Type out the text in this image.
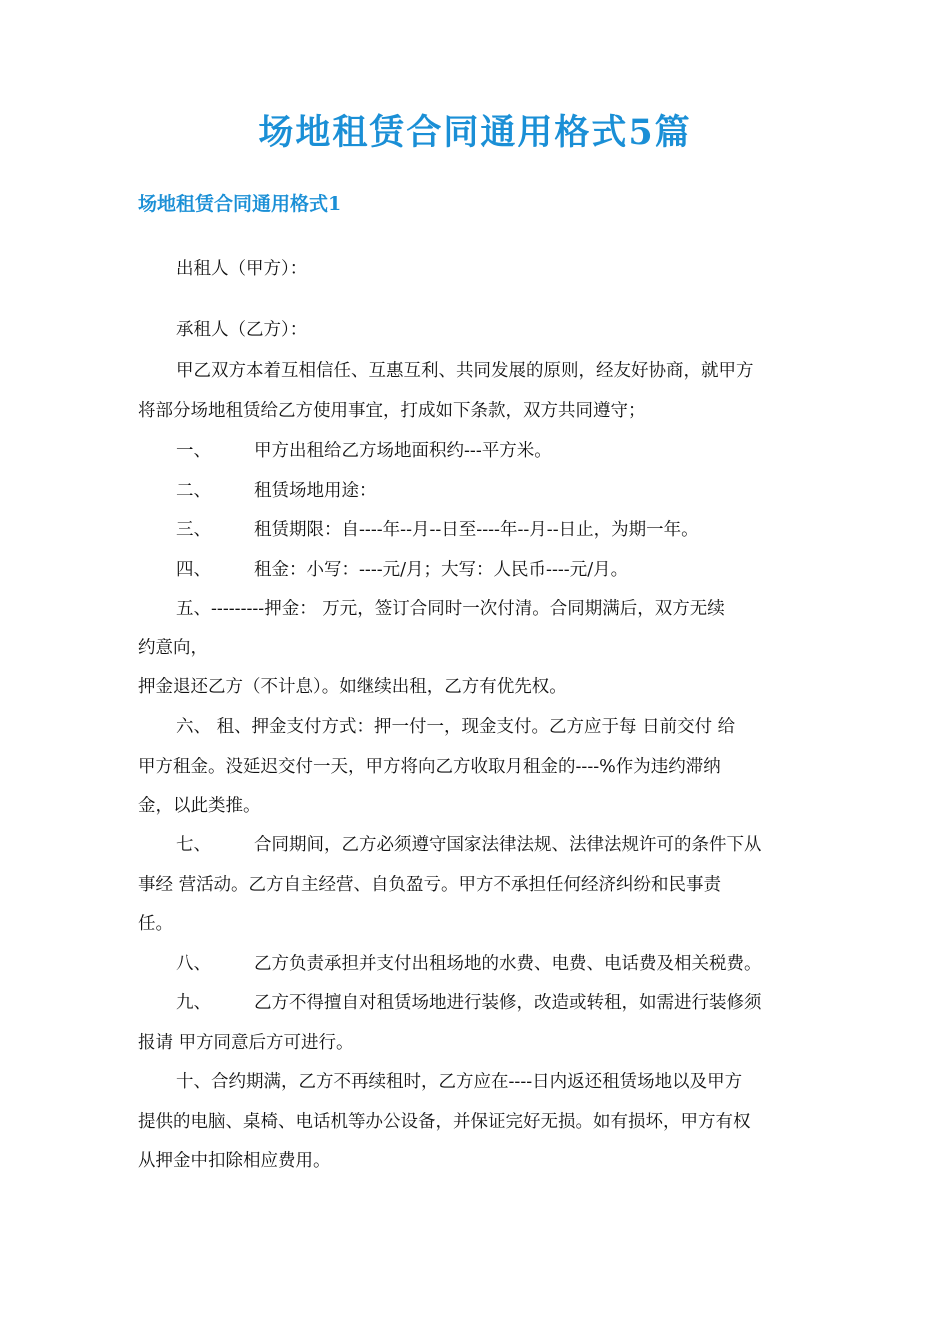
场地租赁合同通用格式5篇
场地租赁合同通用格式1
出租人（甲方）：
承租人（乙方）：
甲乙双方本着互相信任、互惠互利、共同发展的原则，经友好协商，就甲方
将部分场地租赁给乙方使用事宜，打成如下条款，双方共同遵守；
一、 甲方出租给乙方场地面积约---平方米。
二、 租赁场地用途：
三、 租赁期限：自----年--月--日至----年--月--日止，为期一年。
四、 租金：小写：----元/月；大写：人民币----元/月。
五、---------押金： 万元，签订合同时一次付清。合同期满后，双方无续
约意向，
押金退还乙方（不计息）。如继续出租，乙方有优先权。
六、 租、押金支付方式：押一付一，现金支付。乙方应于每 日前交付 给
甲方租金。没延迟交付一天，甲方将向乙方收取月租金的----%作为违约滞纳
金，以此类推。
七、 合同期间，乙方必须遵守国家法律法规、法律法规许可的条件下从
事经 营活动。乙方自主经营、自负盈亏。甲方不承担任何经济纠纷和民事责
任。
八、 乙方负责承担并支付出租场地的水费、电费、电话费及相关税费。
九、 乙方不得擅自对租赁场地进行装修，改造或转租，如需进行装修须
报请 甲方同意后方可进行。
十、合约期满，乙方不再续租时，乙方应在----日内返还租赁场地以及甲方
提供的电脑、桌椅、电话机等办公设备，并保证完好无损。如有损坏，甲方有权
从押金中扣除相应费用。
